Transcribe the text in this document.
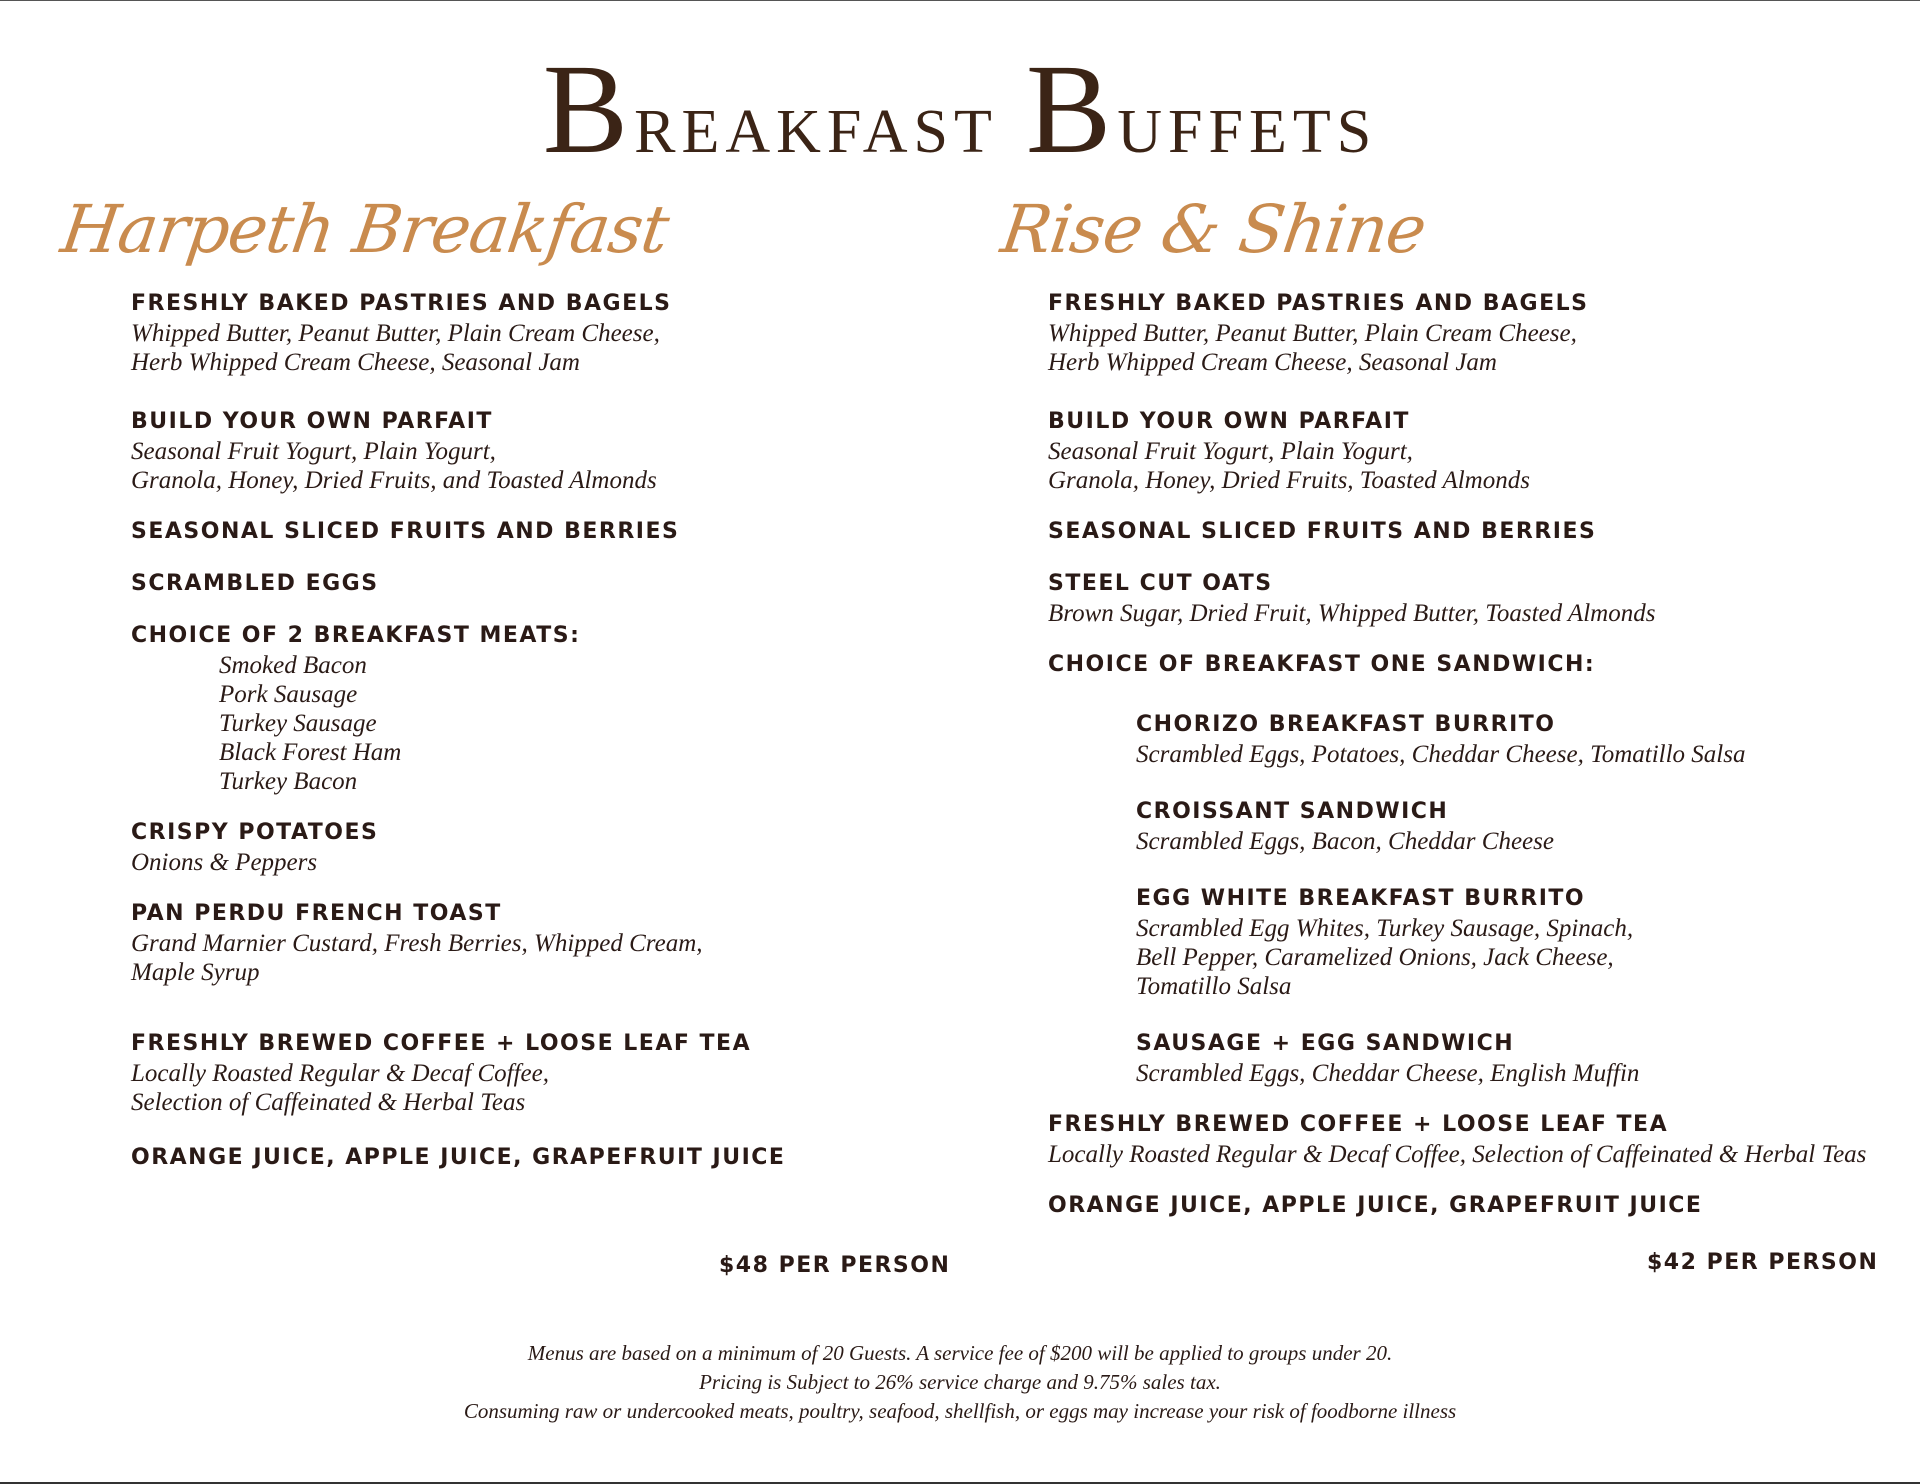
Breakfast Buffets
Harpeth Breakfast	Rise & Shine

FRESHLY BAKED PASTRIES AND BAGELS

Whipped Butter, Peanut Butter, Plain Cream Cheese,

Herb Whipped Cream Cheese, Seasonal Jam

BUILD YOUR OWN PARFAIT

Seasonal Fruit Yogurt, Plain Yogurt,

Granola, Honey, Dried Fruits, and Toasted Almonds

SEASONAL SLICED FRUITS AND BERRIES

SCRAMBLED EGGS

CHOICE OF 2 BREAKFAST MEATS:

Smoked Bacon

Pork Sausage

Turkey Sausage

Black Forest Ham

Turkey Bacon

CRISPY POTATOES

Onions & Peppers

PAN PERDU FRENCH TOAST

Grand Marnier Custard, Fresh Berries, Whipped Cream,

Maple Syrup

FRESHLY BREWED COFFEE + LOOSE LEAF TEA

Locally Roasted Regular & Decaf Coffee,

Selection of Caffeinated & Herbal Teas

ORANGE JUICE, APPLE JUICE, GRAPEFRUIT JUICE

FRESHLY BAKED PASTRIES AND BAGELS

Whipped Butter, Peanut Butter, Plain Cream Cheese,

Herb Whipped Cream Cheese, Seasonal Jam

BUILD YOUR OWN PARFAIT

Seasonal Fruit Yogurt, Plain Yogurt,

Granola, Honey, Dried Fruits, Toasted Almonds

SEASONAL SLICED FRUITS AND BERRIES

STEEL CUT OATS

Brown Sugar, Dried Fruit, Whipped Butter, Toasted Almonds

CHOICE OF BREAKFAST ONE SANDWICH:

CHORIZO BREAKFAST BURRITO

Scrambled Eggs, Potatoes, Cheddar Cheese, Tomatillo Salsa

CROISSANT SANDWICH

Scrambled Eggs, Bacon, Cheddar Cheese

EGG WHITE BREAKFAST BURRITO

Scrambled Egg Whites, Turkey Sausage, Spinach,

Bell Pepper, Caramelized Onions, Jack Cheese,

Tomatillo Salsa

SAUSAGE + EGG SANDWICH

Scrambled Eggs, Cheddar Cheese, English Muffin

FRESHLY BREWED COFFEE + LOOSE LEAF TEA

Locally Roasted Regular & Decaf Coffee, Selection of Caffeinated & Herbal Teas

ORANGE JUICE, APPLE JUICE, GRAPEFRUIT JUICE

$48 PER PERSON	$42 PER PERSON

Menus are based on a minimum of 20 Guests. A service fee of $200 will be applied to groups under 20.

Pricing is Subject to 26% service charge and 9.75% sales tax.

Consuming raw or undercooked meats, poultry, seafood, shellfish, or eggs may increase your risk of foodborne illness
